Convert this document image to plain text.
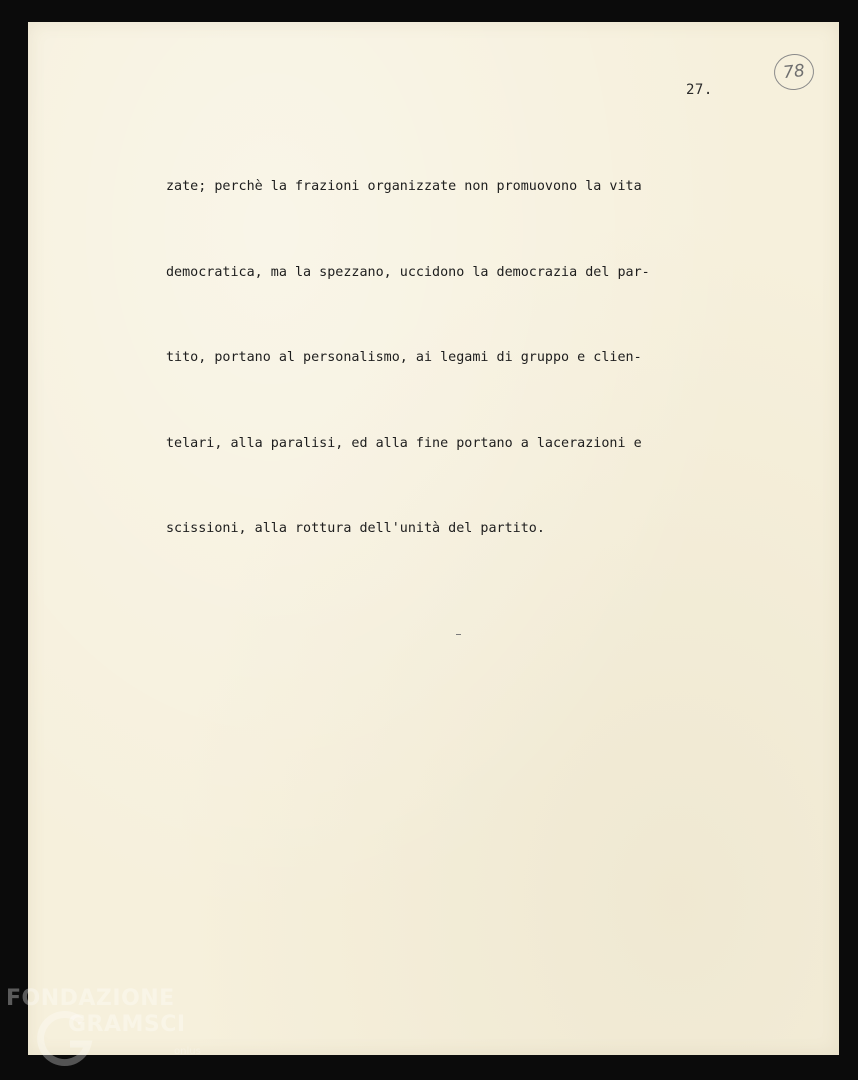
78
27.

zate; perchè la frazioni organizzate non promuovono la vita

democratica, ma la spezzano, uccidono la democrazia del par-

tito, portano al personalismo, ai legami di gruppo e clien-

telari, alla paralisi, ed alla fine portano a lacerazioni e

scissioni, alla rottura dell'unità del partito.

FONDAZIONE
GRAMSCI
onlus
